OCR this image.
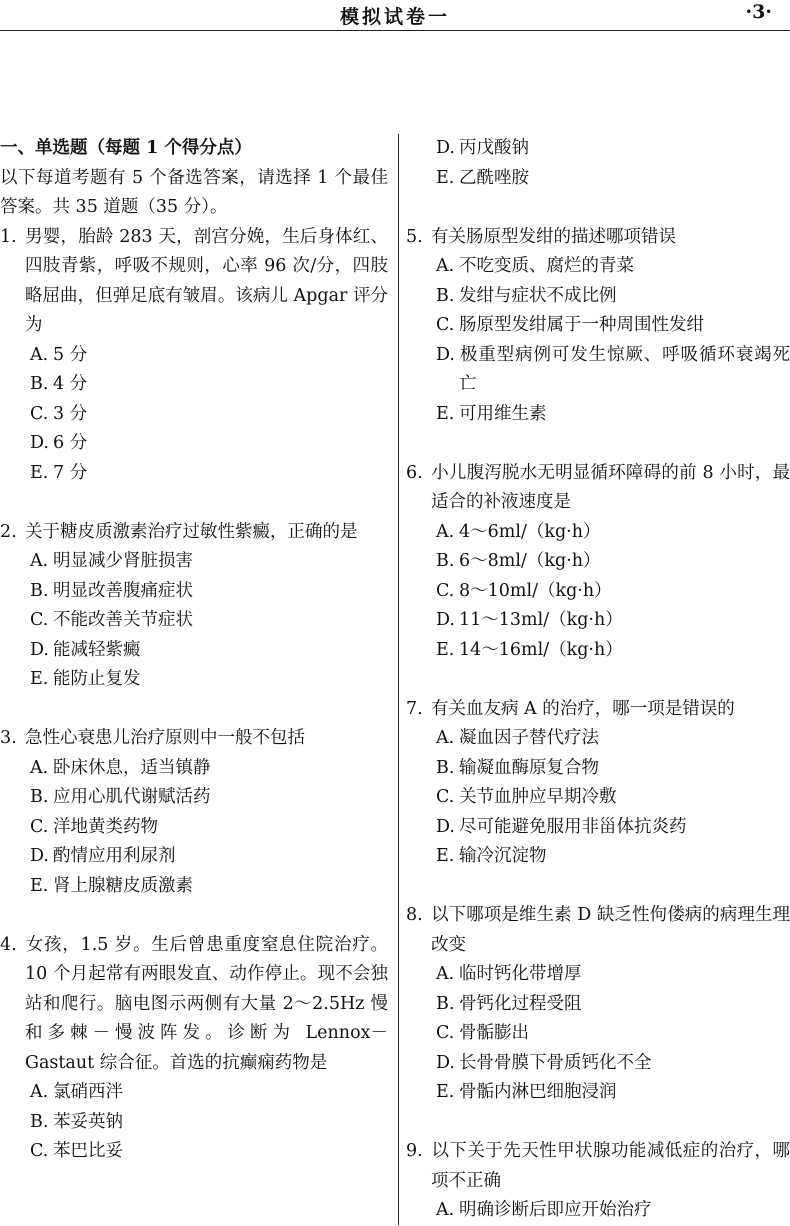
模拟试卷一	·3·
一、单选题（每题 1 个得分点）
以下每道考题有 5 个备选答案，请选择 1 个最佳答案。共 35 道题（35 分）。
1. 男婴，胎龄 283 天，剖宫分娩，生后身体红、四肢青紫，呼吸不规则，心率 96 次/分，四肢略屈曲，但弹足底有皱眉。该病儿 Apgar 评分为
A. 5 分
B. 4 分
C. 3 分
D. 6 分
E. 7 分
2. 关于糖皮质激素治疗过敏性紫癜，正确的是
A. 明显减少肾脏损害
B. 明显改善腹痛症状
C. 不能改善关节症状
D. 能减轻紫癜
E. 能防止复发
3. 急性心衰患儿治疗原则中一般不包括
A. 卧床休息，适当镇静
B. 应用心肌代谢赋活药
C. 洋地黄类药物
D. 酌情应用利尿剂
E. 肾上腺糖皮质激素
4. 女孩，1.5 岁。生后曾患重度窒息住院治疗。10 个月起常有两眼发直、动作停止。现不会独站和爬行。脑电图示两侧有大量 2～2.5Hz 慢和多棘－慢波阵发。诊断为 Lennox－Gastaut 综合征。首选的抗癫痫药物是
A. 氯硝西泮
B. 苯妥英钠
C. 苯巴比妥
D. 丙戊酸钠
E. 乙酰唑胺
5. 有关肠原型发绀的描述哪项错误
A. 不吃变质、腐烂的青菜
B. 发绀与症状不成比例
C. 肠原型发绀属于一种周围性发绀
D. 极重型病例可发生惊厥、呼吸循环衰竭死亡
E. 可用维生素
6. 小儿腹泻脱水无明显循环障碍的前 8 小时，最适合的补液速度是
A. 4～6ml/（kg·h）
B. 6～8ml/（kg·h）
C. 8～10ml/（kg·h）
D. 11～13ml/（kg·h）
E. 14～16ml/（kg·h）
7. 有关血友病 A 的治疗，哪一项是错误的
A. 凝血因子替代疗法
B. 输凝血酶原复合物
C. 关节血肿应早期冷敷
D. 尽可能避免服用非甾体抗炎药
E. 输冷沉淀物
8. 以下哪项是维生素 D 缺乏性佝偻病的病理生理改变
A. 临时钙化带增厚
B. 骨钙化过程受阻
C. 骨骺膨出
D. 长骨骨膜下骨质钙化不全
E. 骨骺内淋巴细胞浸润
9. 以下关于先天性甲状腺功能减低症的治疗，哪项不正确
A. 明确诊断后即应开始治疗
